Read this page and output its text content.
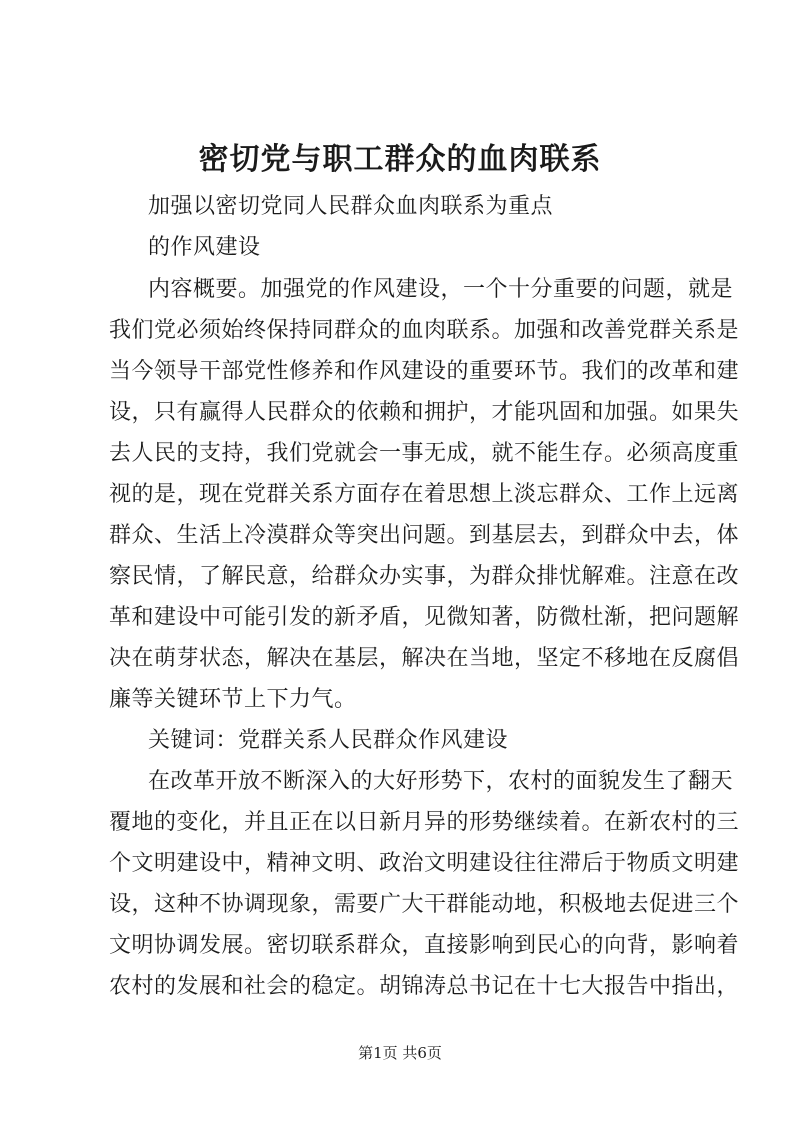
密切党与职工群众的血肉联系
加强以密切党同人民群众血肉联系为重点
的作风建设
内容概要。加强党的作风建设，一个十分重要的问题，就是
我们党必须始终保持同群众的血肉联系。加强和改善党群关系是
当今领导干部党性修养和作风建设的重要环节。我们的改革和建
设，只有赢得人民群众的依赖和拥护，才能巩固和加强。如果失
去人民的支持，我们党就会一事无成，就不能生存。必须高度重
视的是，现在党群关系方面存在着思想上淡忘群众、工作上远离
群众、生活上冷漠群众等突出问题。到基层去，到群众中去，体
察民情，了解民意，给群众办实事，为群众排忧解难。注意在改
革和建设中可能引发的新矛盾，见微知著，防微杜渐，把问题解
决在萌芽状态，解决在基层，解决在当地，坚定不移地在反腐倡
廉等关键环节上下力气。
关键词：党群关系人民群众作风建设
在改革开放不断深入的大好形势下，农村的面貌发生了翻天
覆地的变化，并且正在以日新月异的形势继续着。在新农村的三
个文明建设中，精神文明、政治文明建设往往滞后于物质文明建
设，这种不协调现象，需要广大干群能动地，积极地去促进三个
文明协调发展。密切联系群众，直接影响到民心的向背，影响着
农村的发展和社会的稳定。胡锦涛总书记在十七大报告中指出，
第1页 共6页
